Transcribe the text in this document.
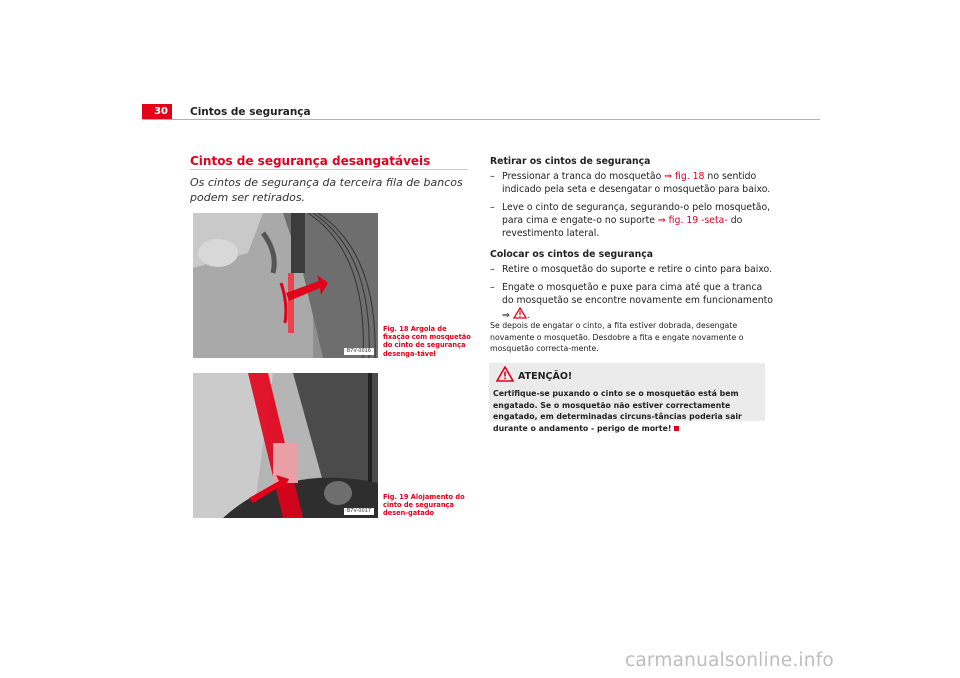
30	Cintos de segurança
Cintos de segurança desangatáveis
Os cintos de segurança da terceira fila de bancos podem ser retirados.
B7V-0016
Fig. 18 Argola de fixação com mosquetão do cinto de segurança desenga-tável
B7V-0017
Fig. 19 Alojamento do cinto de segurança desen-gatado
Retirar os cintos de segurança
– Pressionar a tranca do mosquetão ⇒ fig. 18 no sentido indicado pela seta e desengatar o mosquetão para baixo.
– Leve o cinto de segurança, segurando-o pelo mosquetão, para cima e engate-o no suporte ⇒ fig. 19 -seta- do revestimento lateral.
Colocar os cintos de segurança
– Retire o mosquetão do suporte e retire o cinto para baixo.
– Engate o mosquetão e puxe para cima até que a tranca do mosquetão se encontre novamente em funcionamento ⇒ .
Se depois de engatar o cinto, a fita estiver dobrada, desengate novamente o mosquetão. Desdobre a fita e engate novamente o mosquetão correcta-mente.
ATENÇÃO!
Certifique-se puxando o cinto se o mosquetão está bem engatado. Se o mosquetão não estiver correctamente engatado, em determinadas circuns-tâncias poderia sair durante o andamento - perigo de morte!
carmanualsonline.info
